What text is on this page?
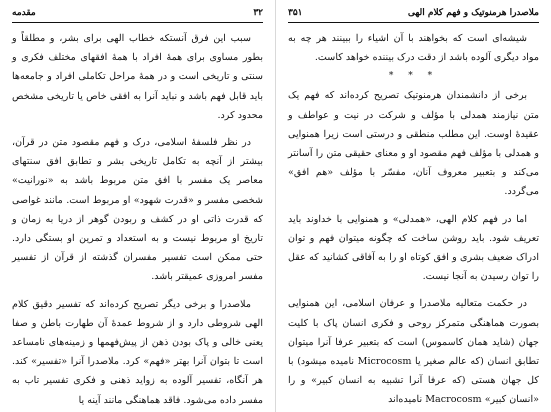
۳۲
مقدمه

سبب این فرق آنستکه خطاب الهی برای بشر، و مطلقاً و بطور مساوی برای همهٔ افراد با همهٔ افقهای مختلف فکری و سنتی و تاریخی است و در همهٔ مراحل تکاملی افراد و جامعه‌ها باید قابل فهم باشد و نباید آنرا به افقی خاص یا تاریخی مشخص محدود کرد.

در نظر فلسفهٔ اسلامی، درک و فهم مقصود متن در قرآن، بیشتر از آنچه به تکامل تاریخی بشر و تطابق افق سنتهای معاصر یک مفسر با افق متن مربوط باشد به «نورانیت» شخصی مفسر و «قدرت شهود» او مربوط است. مانند غواصی که قدرت ذاتی او در کشف و ربودن گوهر از دریا به زمان و تاریخ او مربوط نیست و به استعداد و تمرین او بستگی دارد. حتی ممکن است تفسیر مفسران گذشته از قرآن از تفسیر مفسر امروزی عمیقتر باشد.

ملاصدرا و برخی دیگر تصریح کرده‌اند که تفسیر دقیق کلام الهی شروطی دارد و از شروط عمدهٔ آن طهارت باطن و صفا یعنی خالی و پاک بودن ذهن از پیش‌فهمها و زمینه‌های نامساعد است تا بتوان آنرا بهتر «فهم» کرد. ملاصدرا آنرا «تفسیر» کند. هر آنگاه، تفسیر آلوده به زواید ذهنی و فکری تفسیر تاب به مفسر داده می‌شود. فاقد هماهنگی مانند آینه یا

ملاصدرا هرمنوتیک و فهم کلام الهی
۳۵۱

شیشه‌ای است که بخواهند با آن اشیاء را ببینند هر چه به مواد دیگری آلوده باشد از دقت درک بیننده خواهد کاست.

* * *

برخی از دانشمندان هرمنوتیک تصریح کرده‌اند که فهم یک متن نیازمند همدلی با مؤلف و شرکت در نیت و عواطف و عقیدهٔ اوست. این مطلب منطقی و درستی است زیرا همنوایی و همدلی با مؤلف فهم مقصود او و معنای حقیقی متن را آسانتر می‌کند و بتعبیر معروف آنان، مفسّر با مؤلف «هم افق» می‌گردد.

اما در فهم کلام الهی، «همدلی» و همنوایی با خداوند باید تعریف شود. باید روشن ساخت که چگونه میتوان فهم و توان ادراک ضعیف بشری و افق کوتاه او را به آفاقی کشانید که عقل را توان رسیدن به آنجا نیست.

در حکمت متعالیه ملاصدرا و عرفان اسلامی، این همنوایی بصورت هماهنگی متمرکز روحی و فکری انسان پاک با کلیت جهان (شاید همان کاسموس) است که بتعبیر عرفا آنرا میتوان تطابق انسان (که عالم صغیر یا Microcosm نامیده میشود) با کل جهان هستی (که عرفا آنرا تشبیه به انسان کبیر» و را «انسان کبیر» Macrocosm نامیده‌اند
